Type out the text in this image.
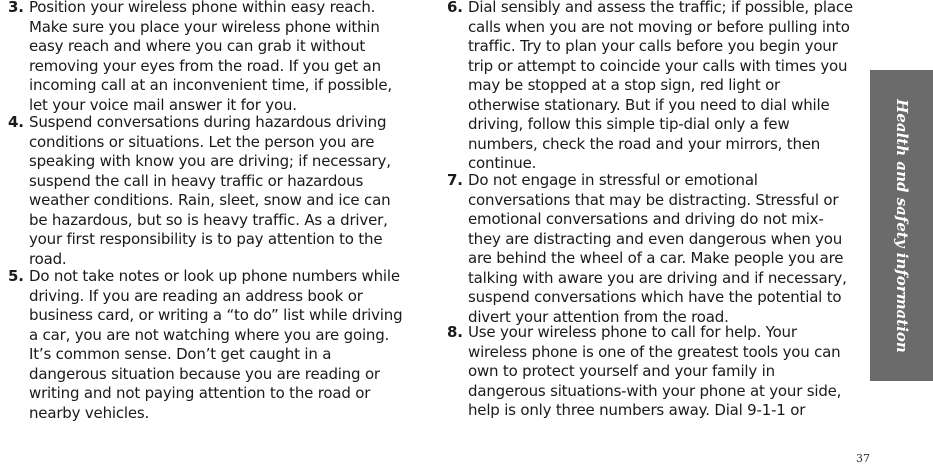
3. Position your wireless phone within easy reach. Make sure you place your wireless phone within easy reach and where you can grab it without removing your eyes from the road. If you get an incoming call at an inconvenient time, if possible, let your voice mail answer it for you.
4. Suspend conversations during hazardous driving conditions or situations. Let the person you are speaking with know you are driving; if necessary, suspend the call in heavy traffic or hazardous weather conditions. Rain, sleet, snow and ice can be hazardous, but so is heavy traffic. As a driver, your first responsibility is to pay attention to the road.
5. Do not take notes or look up phone numbers while driving. If you are reading an address book or business card, or writing a “to do” list while driving a car, you are not watching where you are going. It’s common sense. Don’t get caught in a dangerous situation because you are reading or writing and not paying attention to the road or nearby vehicles.
6. Dial sensibly and assess the traffic; if possible, place calls when you are not moving or before pulling into traffic. Try to plan your calls before you begin your trip or attempt to coincide your calls with times you may be stopped at a stop sign, red light or otherwise stationary. But if you need to dial while driving, follow this simple tip-dial only a few numbers, check the road and your mirrors, then continue.
7. Do not engage in stressful or emotional conversations that may be distracting. Stressful or emotional conversations and driving do not mix-they are distracting and even dangerous when you are behind the wheel of a car. Make people you are talking with aware you are driving and if necessary, suspend conversations which have the potential to divert your attention from the road.
8. Use your wireless phone to call for help. Your wireless phone is one of the greatest tools you can own to protect yourself and your family in dangerous situations-with your phone at your side, help is only three numbers away. Dial 9-1-1 or
Health and safety information
37
